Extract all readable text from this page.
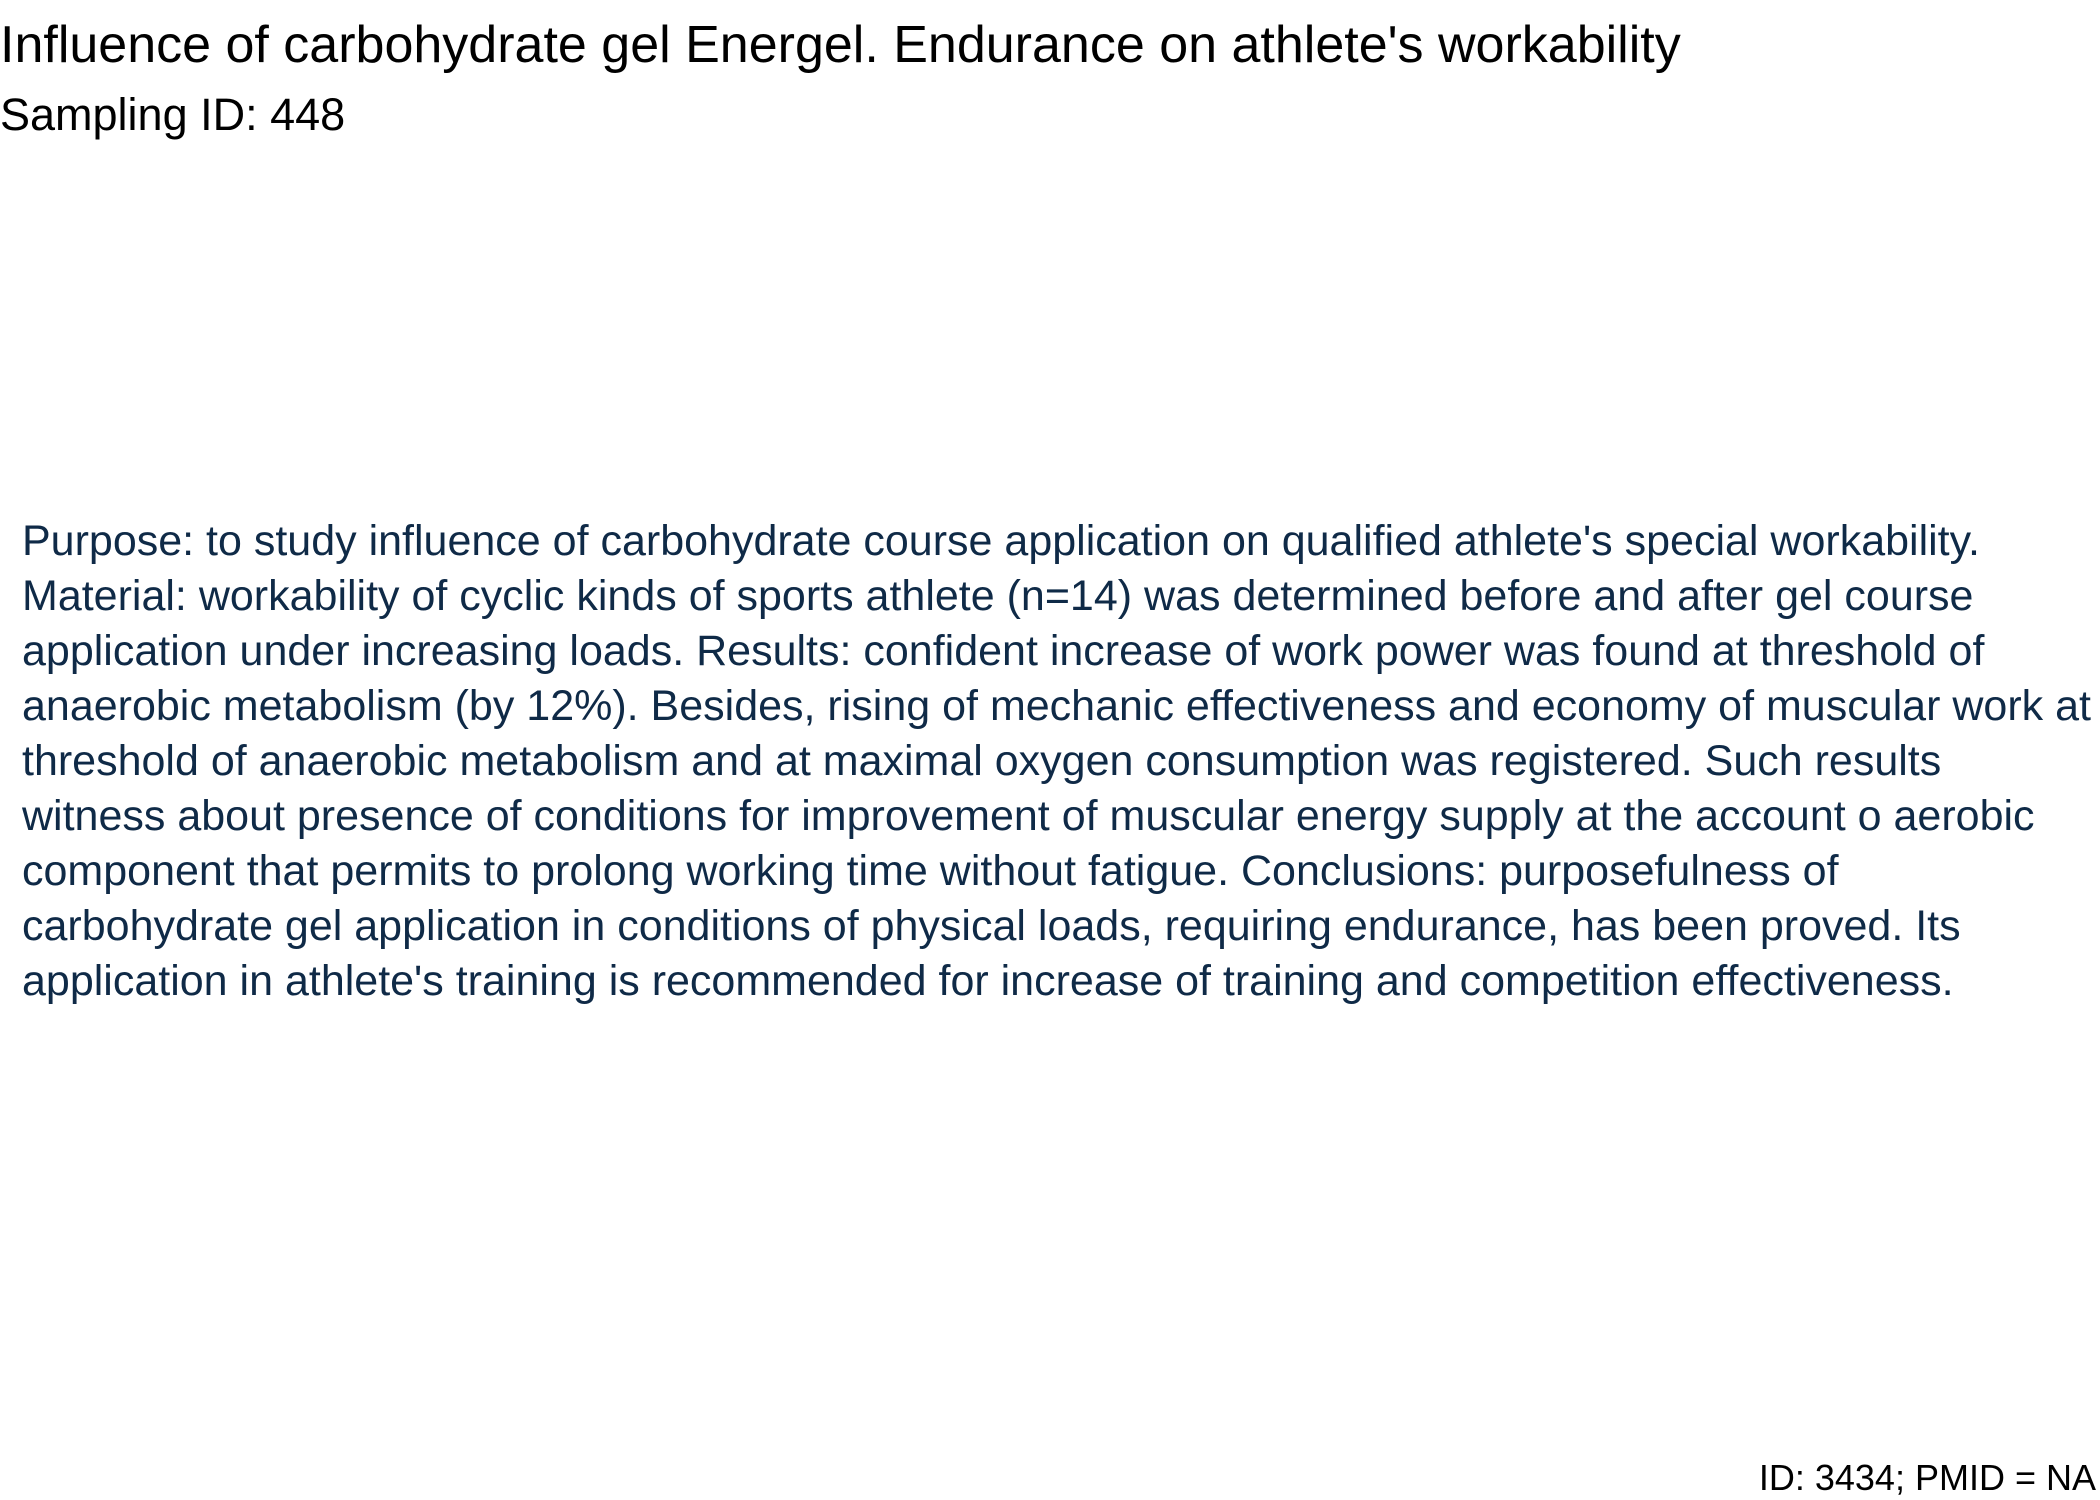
Influence of carbohydrate gel Energel. Endurance on athlete's workability
Sampling ID: 448

Purpose: to study influence of carbohydrate course application on qualified athlete's special workability. Material: workability of cyclic kinds of sports athlete (n=14) was determined before and after gel course application under increasing loads. Results: confident increase of work power was found at threshold of anaerobic metabolism (by 12%). Besides, rising of mechanic effectiveness and economy of muscular work at threshold of anaerobic metabolism and at maximal oxygen consumption was registered. Such results witness about presence of conditions for improvement of muscular energy supply at the account o aerobic component that permits to prolong working time without fatigue. Conclusions: purposefulness of carbohydrate gel application in conditions of physical loads, requiring endurance, has been proved. Its application in athlete's training is recommended for increase of training and competition effectiveness.

ID: 3434; PMID = NA
